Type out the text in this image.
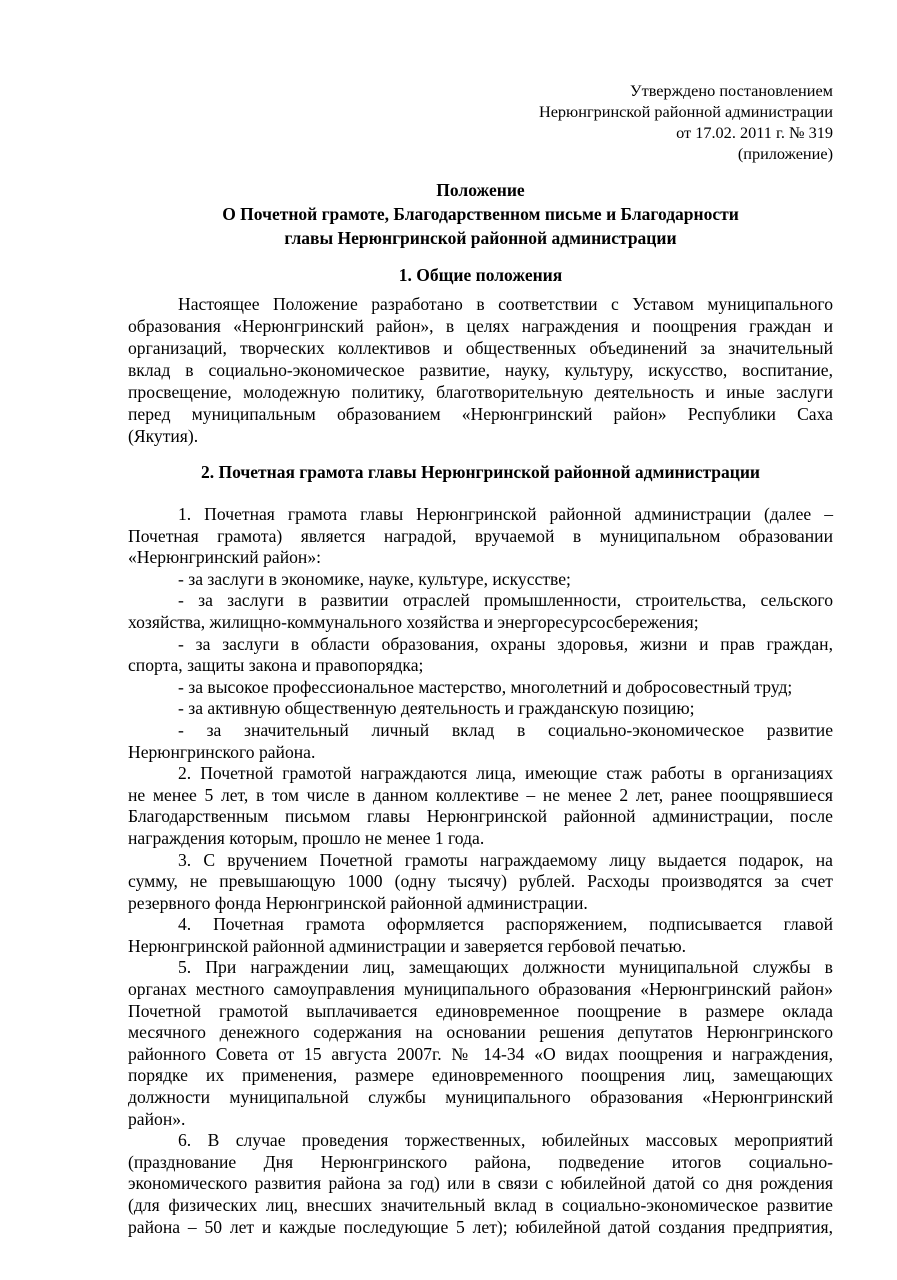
Утверждено постановлением
Нерюнгринской районной администрации
от 17.02. 2011 г. № 319
(приложение)
Положение
О Почетной грамоте, Благодарственном письме и Благодарности
главы Нерюнгринской районной администрации
1. Общие положения
Настоящее Положение разработано в соответствии с Уставом муниципального
образования «Нерюнгринский район», в целях награждения и поощрения граждан и
организаций, творческих коллективов и общественных объединений за значительный
вклад в социально-экономическое развитие, науку, культуру, искусство, воспитание,
просвещение, молодежную политику, благотворительную деятельность и иные заслуги
перед муниципальным образованием «Нерюнгринский район» Республики Саха
(Якутия).
2. Почетная грамота главы Нерюнгринской районной администрации
1. Почетная грамота главы Нерюнгринской районной администрации (далее –
Почетная грамота) является наградой, вручаемой в муниципальном образовании
«Нерюнгринский район»:
- за заслуги в экономике, науке, культуре, искусстве;
- за заслуги в развитии отраслей промышленности, строительства, сельского
хозяйства, жилищно-коммунального хозяйства и энергоресурсосбережения;
- за заслуги в области образования, охраны здоровья, жизни и прав граждан,
спорта, защиты закона и правопорядка;
- за высокое профессиональное мастерство, многолетний и добросовестный труд;
- за активную общественную деятельность и гражданскую позицию;
- за значительный личный вклад в социально-экономическое развитие
Нерюнгринского района.
2. Почетной грамотой награждаются лица, имеющие стаж работы в организациях
не менее 5 лет, в том числе в данном коллективе – не менее 2 лет, ранее поощрявшиеся
Благодарственным письмом главы Нерюнгринской районной администрации, после
награждения которым, прошло не менее 1 года.
3. С вручением Почетной грамоты награждаемому лицу выдается подарок, на
сумму, не превышающую 1000 (одну тысячу) рублей. Расходы производятся за счет
резервного фонда Нерюнгринской районной администрации.
4. Почетная грамота оформляется распоряжением, подписывается главой
Нерюнгринской районной администрации и заверяется гербовой печатью.
5. При награждении лиц, замещающих должности муниципальной службы в
органах местного самоуправления муниципального образования «Нерюнгринский район»
Почетной грамотой выплачивается единовременное поощрение в размере оклада
месячного денежного содержания на основании решения депутатов Нерюнгринского
районного Совета от 15 августа 2007г. № 14-34 «О видах поощрения и награждения,
порядке их применения, размере единовременного поощрения лиц, замещающих
должности муниципальной службы муниципального образования «Нерюнгринский
район».
6. В случае проведения торжественных, юбилейных массовых мероприятий
(празднование Дня Нерюнгринского района, подведение итогов социально-
экономического развития района за год) или в связи с юбилейной датой со дня рождения
(для физических лиц, внесших значительный вклад в социально-экономическое развитие
района – 50 лет и каждые последующие 5 лет); юбилейной датой создания предприятия,
